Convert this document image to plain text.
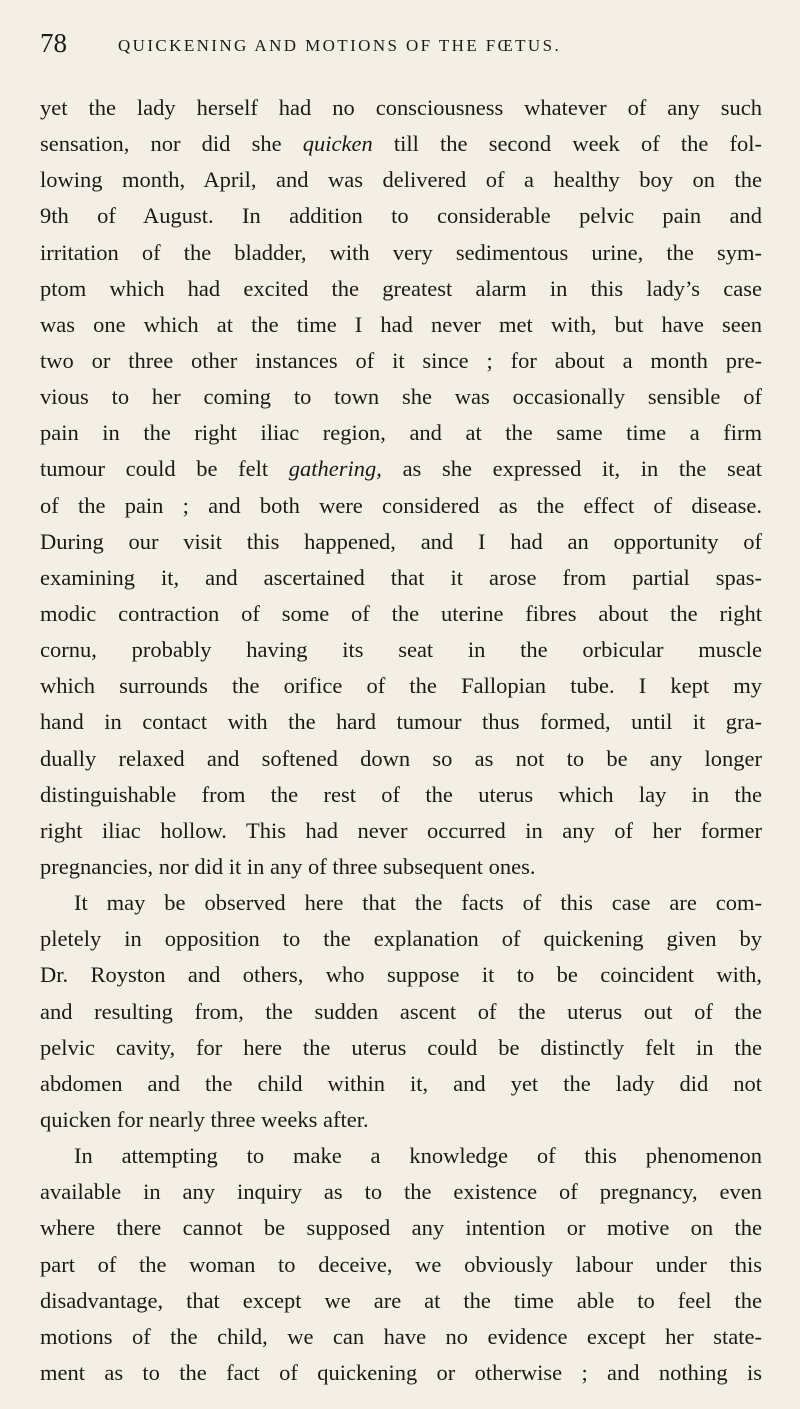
78	QUICKENING AND MOTIONS OF THE FŒTUS.
yet the lady herself had no consciousness whatever of any such
sensation, nor did she quicken till the second week of the fol-
lowing month, April, and was delivered of a healthy boy on the
9th of August. In addition to considerable pelvic pain and
irritation of the bladder, with very sedimentous urine, the sym-
ptom which had excited the greatest alarm in this lady’s case
was one which at the time I had never met with, but have seen
two or three other instances of it since ; for about a month pre-
vious to her coming to town she was occasionally sensible of
pain in the right iliac region, and at the same time a firm
tumour could be felt gathering, as she expressed it, in the seat
of the pain ; and both were considered as the effect of disease.
During our visit this happened, and I had an opportunity of
examining it, and ascertained that it arose from partial spas-
modic contraction of some of the uterine fibres about the right
cornu, probably having its seat in the orbicular muscle
which surrounds the orifice of the Fallopian tube. I kept my
hand in contact with the hard tumour thus formed, until it gra-
dually relaxed and softened down so as not to be any longer
distinguishable from the rest of the uterus which lay in the
right iliac hollow. This had never occurred in any of her former
pregnancies, nor did it in any of three subsequent ones.
It may be observed here that the facts of this case are com-
pletely in opposition to the explanation of quickening given by
Dr. Royston and others, who suppose it to be coincident with,
and resulting from, the sudden ascent of the uterus out of the
pelvic cavity, for here the uterus could be distinctly felt in the
abdomen and the child within it, and yet the lady did not
quicken for nearly three weeks after.
In attempting to make a knowledge of this phenomenon
available in any inquiry as to the existence of pregnancy, even
where there cannot be supposed any intention or motive on the
part of the woman to deceive, we obviously labour under this
disadvantage, that except we are at the time able to feel the
motions of the child, we can have no evidence except her state-
ment as to the fact of quickening or otherwise ; and nothing is
